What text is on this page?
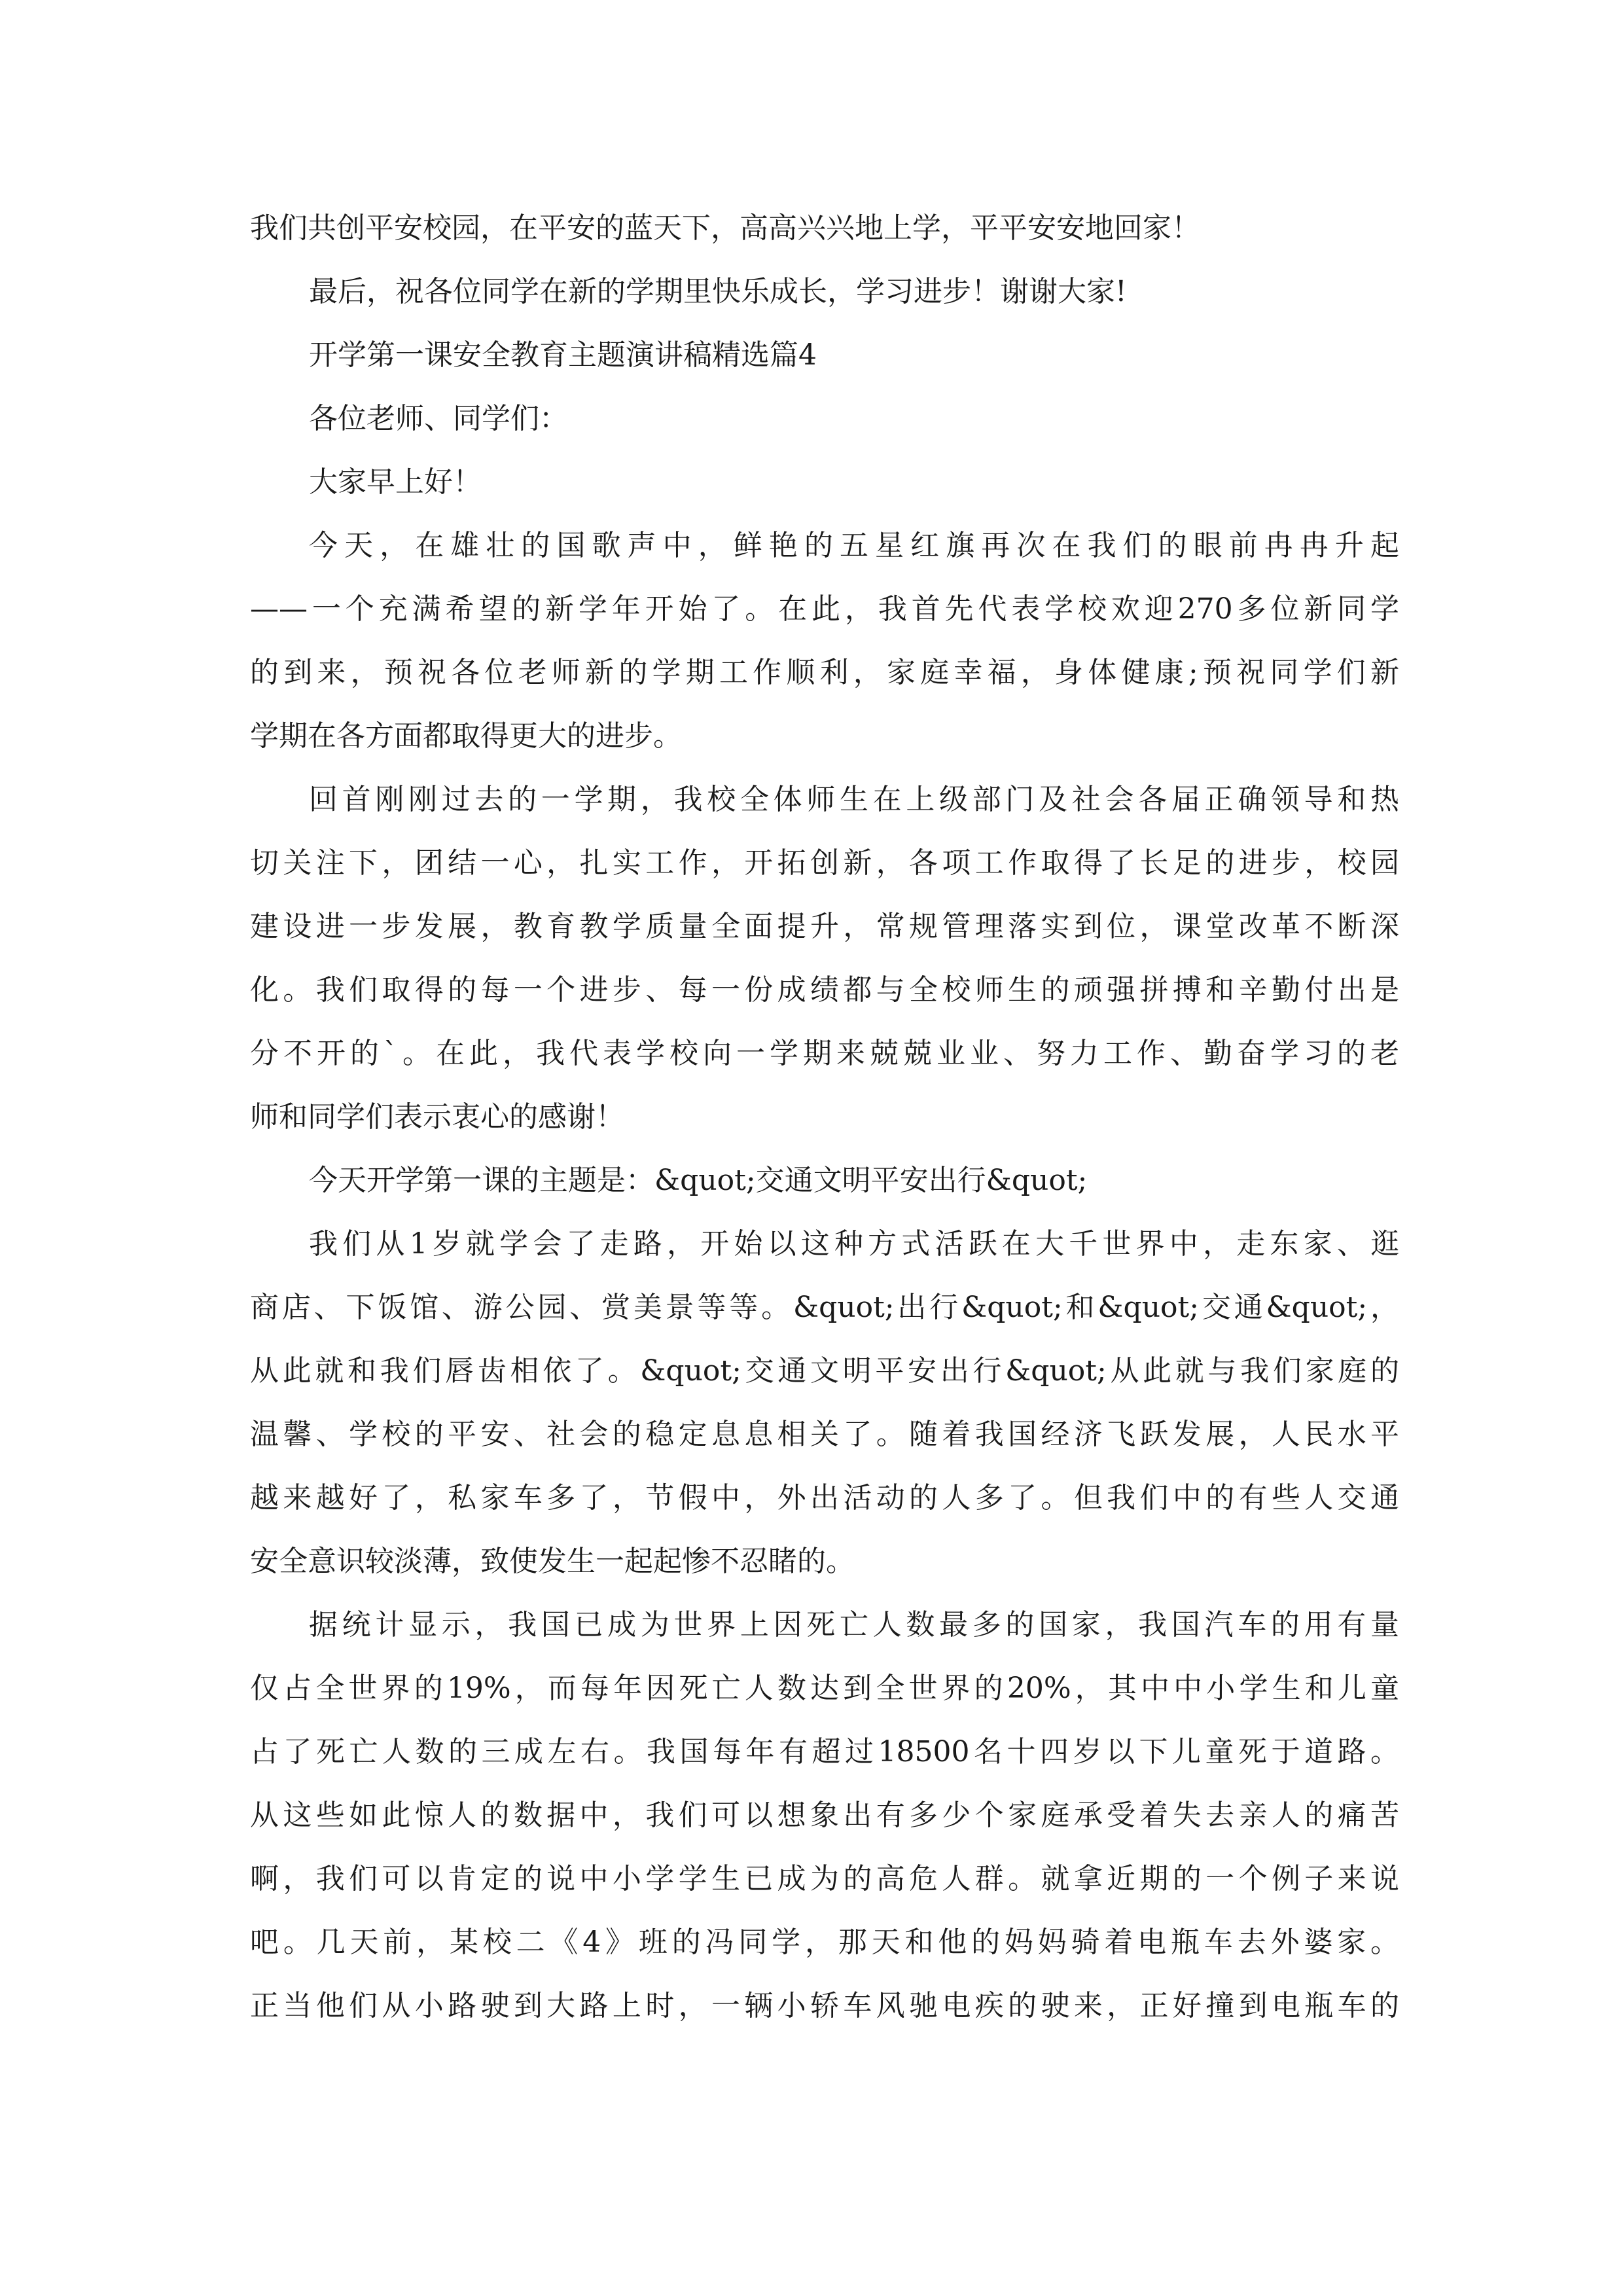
我们共创平安校园，在平安的蓝天下，高高兴兴地上学，平平安安地回家！
最后，祝各位同学在新的学期里快乐成长，学习进步！谢谢大家!
开学第一课安全教育主题演讲稿精选篇4
各位老师、同学们：
大家早上好！
今天，在雄壮的国歌声中，鲜艳的五星红旗再次在我们的眼前冉冉升起
——一个充满希望的新学年开始了。在此，我首先代表学校欢迎270多位新同学
的到来，预祝各位老师新的学期工作顺利，家庭幸福，身体健康;预祝同学们新
学期在各方面都取得更大的进步。
回首刚刚过去的一学期，我校全体师生在上级部门及社会各届正确领导和热
切关注下，团结一心，扎实工作，开拓创新，各项工作取得了长足的进步，校园
建设进一步发展，教育教学质量全面提升，常规管理落实到位，课堂改革不断深
化。我们取得的每一个进步、每一份成绩都与全校师生的顽强拼搏和辛勤付出是
分不开的`。在此，我代表学校向一学期来兢兢业业、努力工作、勤奋学习的老
师和同学们表示衷心的感谢！
今天开学第一课的主题是：&quot;交通文明平安出行&quot;
我们从1岁就学会了走路，开始以这种方式活跃在大千世界中，走东家、逛
商店、下饭馆、游公园、赏美景等等。&quot;出行&quot;和&quot;交通&quot;，
从此就和我们唇齿相依了。&quot;交通文明平安出行&quot;从此就与我们家庭的
温馨、学校的平安、社会的稳定息息相关了。随着我国经济飞跃发展，人民水平
越来越好了，私家车多了，节假中，外出活动的人多了。但我们中的有些人交通
安全意识较淡薄，致使发生一起起惨不忍睹的。
据统计显示，我国已成为世界上因死亡人数最多的国家，我国汽车的用有量
仅占全世界的19%，而每年因死亡人数达到全世界的20%，其中中小学生和儿童
占了死亡人数的三成左右。我国每年有超过18500名十四岁以下儿童死于道路。
从这些如此惊人的数据中，我们可以想象出有多少个家庭承受着失去亲人的痛苦
啊，我们可以肯定的说中小学学生已成为的高危人群。就拿近期的一个例子来说
吧。几天前，某校二《4》班的冯同学，那天和他的妈妈骑着电瓶车去外婆家。
正当他们从小路驶到大路上时，一辆小轿车风驰电疾的驶来，正好撞到电瓶车的
